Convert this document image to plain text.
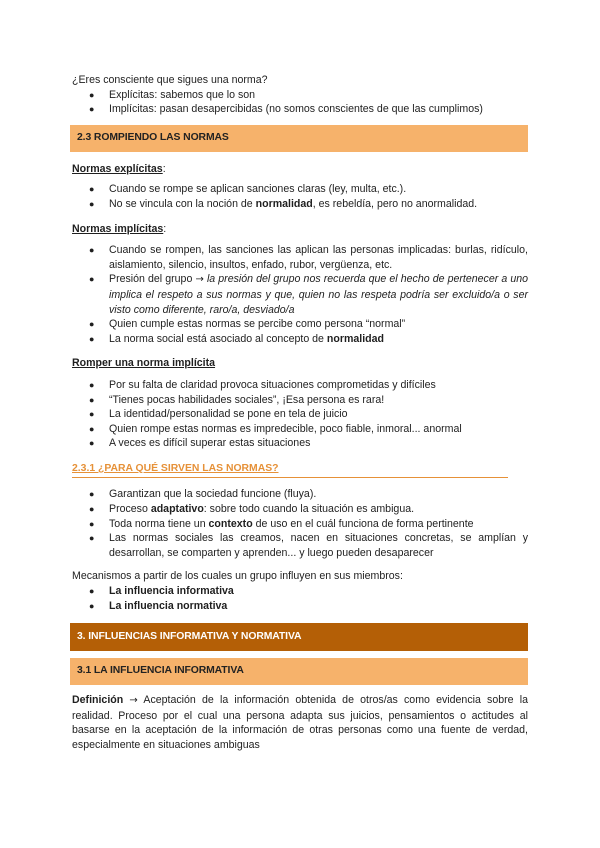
¿Eres consciente que sigues una norma?

● Explícitas: sabemos que lo son
● Implícitas: pasan desapercibidas (no somos conscientes de que las cumplimos)
2.3 ROMPIENDO LAS NORMAS

Normas explícitas:

● Cuando se rompe se aplican sanciones claras (ley, multa, etc.).
● No se vincula con la noción de normalidad, es rebeldía, pero no anormalidad.

Normas implícitas:

● Cuando se rompen, las sanciones las aplican las personas implicadas: burlas, ridículo, aislamiento, silencio, insultos, enfado, rubor, vergüenza, etc.
● Presión del grupo → la presión del grupo nos recuerda que el hecho de pertenecer a uno implica el respeto a sus normas y que, quien no las respeta podría ser excluido/a o ser visto como diferente, raro/a, desviado/a
● Quien cumple estas normas se percibe como persona “normal”
● La norma social está asociado al concepto de normalidad

Romper una norma implícita

● Por su falta de claridad provoca situaciones comprometidas y difíciles
● “Tienes pocas habilidades sociales”, ¡Esa persona es rara!
● La identidad/personalidad se pone en tela de juicio
● Quien rompe estas normas es impredecible, poco fiable, inmoral... anormal
● A veces es difícil superar estas situaciones
2.3.1 ¿PARA QUÉ SIRVEN LAS NORMAS?
● Garantizan que la sociedad funcione (fluya).
● Proceso adaptativo: sobre todo cuando la situación es ambigua.
● Toda norma tiene un contexto de uso en el cuál funciona de forma pertinente
● Las normas sociales las creamos, nacen en situaciones concretas, se amplían y desarrollan, se comparten y aprenden... y luego pueden desaparecer

Mecanismos a partir de los cuales un grupo influyen en sus miembros:

● La influencia informativa
● La influencia normativa
3. INFLUENCIAS INFORMATIVA Y NORMATIVA
3.1 LA INFLUENCIA INFORMATIVA

Definición → Aceptación de la información obtenida de otros/as como evidencia sobre la realidad. Proceso por el cual una persona adapta sus juicios, pensamientos o actitudes al basarse en la aceptación de la información de otras personas como una fuente de verdad, especialmente en situaciones ambiguas
